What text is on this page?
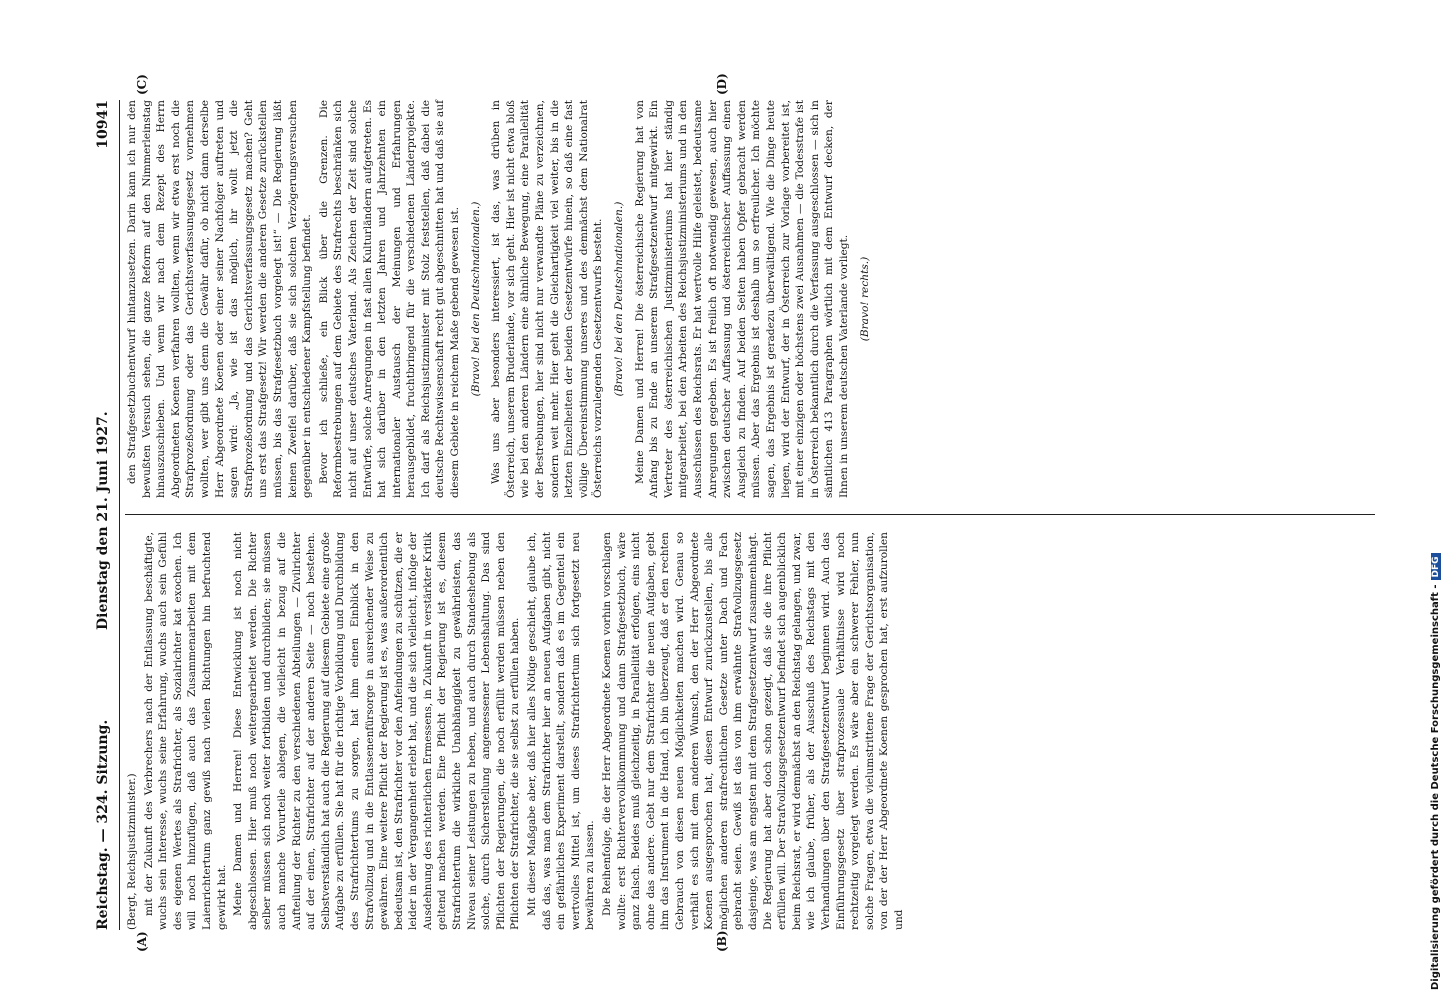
Reichstag. — 324. Sitzung.
Dienstag den 21. Juni 1927.
10941

(Bergt, Reichsjustizminister.) mit der Zukunft des Verbrechers nach der Entlassung beschäftigte, wuchs sein Interesse, wuchs seine Erfahrung, wuchs auch sein Gefühl des eigenen Wertes als Strafrichter, als Sozialrichter kat exochen. Ich will noch hinzufügen, daß auch das Zusammenarbeiten mit dem Laienrichtertum ganz gewiß nach vielen Richtungen hin befruchtend gewirkt hat. Meine Damen und Herren! Diese Entwicklung ist noch nicht abgeschlossen. Hier muß noch weitergearbeitet werden. Die Richter selber müssen sich noch weiter fortbilden und durchbilden; sie müssen auch manche Vorurteile ablegen, die vielleicht in bezug auf die Aufteilung der Richter zu den verschiedenen Abteilungen — Zivilrichter auf der einen, Strafrichter auf der anderen Seite — noch bestehen. Selbstverständlich hat auch die Regierung auf diesem Gebiete eine große Aufgabe zu erfüllen. Sie hat für die richtige Vorbildung und Durchbildung des Strafrichtertums zu sorgen, hat ihm einen Einblick in den Strafvollzug und in die Entlassenenfürsorge in ausreichender Weise zu gewähren. Eine weitere Pflicht der Regierung ist es, was außerordentlich bedeutsam ist, den Strafrichter vor den Anfeindungen zu schützen, die er leider in der Vergangenheit erlebt hat, und die sich vielleicht, infolge der Ausdehnung des richterlichen Ermessens, in Zukunft in verstärkter Kritik geltend machen werden. Eine Pflicht der Regierung ist es, diesem Strafrichtertum die wirkliche Unabhängigkeit zu gewährleisten, das Niveau seiner Leistungen zu heben, und auch durch Standeshebung als solche, durch Sicherstellung angemessener Lebenshaltung. Das sind Pflichten der Regierungen, die noch erfüllt werden müssen neben den Pflichten der Strafrichter, die sie selbst zu erfüllen haben. Mit dieser Maßgabe aber, daß hier alles Nötige geschieht, glaube ich, daß das, was man dem Strafrichter hier an neuen Aufgaben gibt, nicht ein gefährliches Experiment darstellt, sondern daß es im Gegenteil ein wertvolles Mittel ist, um dieses Strafrichtertum sich fortgesetzt neu bewähren zu lassen. Die Reihenfolge, die der Herr Abgeordnete Koenen vorhin vorschlagen wollte: erst Richtervervollkommnung und dann Strafgesetzbuch, wäre ganz falsch. Beides muß gleichzeitig, in Parallelität erfolgen, eins nicht ohne das andere. Gebt nur dem Strafrichter die neuen Aufgaben, gebt ihm das Instrument in die Hand, ich bin überzeugt, daß er den rechten Gebrauch von diesen neuen Möglichkeiten machen wird. Genau so verhält es sich mit dem anderen Wunsch, den der Herr Abgeordnete Koenen ausgesprochen hat, diesen Entwurf zurückzustellen, bis alle möglichen anderen strafrechtlichen Gesetze unter Dach und Fach gebracht seien. Gewiß ist das von ihm erwähnte Strafvollzugsgesetz dasjenige, was am engsten mit dem Strafgesetzentwurf zusammenhängt. Die Regierung hat aber doch schon gezeigt, daß sie die ihre Pflicht erfüllen will. Der Strafvollzugsgesetzentwurf befindet sich augenblicklich beim Reichsrat, er wird demnächst an den Reichstag gelangen, und zwar, wie ich glaube, früher, als der Ausschuß des Reichstags mit den Verhandlungen über den Strafgesetzentwurf beginnen wird. Auch das Einführungsgesetz über strafprozessuale Verhältnisse wird noch rechtzeitig vorgelegt werden. Es wäre aber ein schwerer Fehler, nun solche Fragen, etwa die vielumstrittene Frage der Gerichtsorganisation, von der der Herr Abgeordnete Koenen gesprochen hat, erst aufzurollen und

den Strafgesetzbuchentwurf hintanzusetzen. Darin kann ich nur den bewußten Versuch sehen, die ganze Reform auf den Nimmerleinstag hinauszuschieben. Und wenn wir nach dem Rezept des Herrn Abgeordneten Koenen verfahren wollten, wenn wir etwa erst noch die Strafprozeßordnung oder das Gerichtsverfassungsgesetz vornehmen wollten, wer gibt uns denn die Gewähr dafür, ob nicht dann derselbe Herr Abgeordnete Koenen oder einer seiner Nachfolger auftreten und sagen wird: „Ja, wie ist das möglich, ihr wollt jetzt die Strafprozeßordnung und das Gerichtsverfassungsgesetz machen? Geht uns erst das Strafgesetz! Wir werden die anderen Gesetze zurückstellen müssen, bis das Strafgesetzbuch vorgelegt ist!“ — Die Regierung läßt keinen Zweifel darüber, daß sie sich solchen Verzögerungsversuchen gegenüber in entschiedener Kampfstellung befindet. Bevor ich schließe, ein Blick über die Grenzen. Die Reformbestrebungen auf dem Gebiete des Strafrechts beschränken sich nicht auf unser deutsches Vaterland. Als Zeichen der Zeit sind solche Entwürfe, solche Anregungen in fast allen Kulturländern aufgetreten. Es hat sich darüber in den letzten Jahren und Jahrzehnten ein internationaler Austausch der Meinungen und Erfahrungen herausgebildet, fruchtbringend für die verschiedenen Länderprojekte. Ich darf als Reichsjustizminister mit Stolz feststellen, daß dabei die deutsche Rechtswissenschaft recht gut abgeschnitten hat und daß sie auf diesem Gebiete in reichem Maße gebend gewesen ist. (Bravo! bei den Deutschnationalen.) Was uns aber besonders interessiert, ist das, was drüben in Österreich, unserem Bruderlande, vor sich geht. Hier ist nicht etwa bloß wie bei den anderen Ländern eine ähnliche Bewegung, eine Parallelität der Bestrebungen, hier sind nicht nur verwandte Pläne zu verzeichnen, sondern weit mehr. Hier geht die Gleichartigkeit viel weiter, bis in die letzten Einzelheiten der beiden Gesetzentwürfe hinein, so daß eine fast völlige Übereinstimmung unseres und des demnächst dem Nationalrat Österreichs vorzulegenden Gesetzentwurfs besteht. (Bravo! bei den Deutschnationalen.) Meine Damen und Herren! Die österreichische Regierung hat von Anfang bis zu Ende an unserem Strafgesetzentwurf mitgewirkt. Ein Vertreter des österreichischen Justizministeriums hat hier ständig mitgearbeitet, bei den Arbeiten des Reichsjustizministeriums und in den Ausschüssen des Reichsrats. Er hat wertvolle Hilfe geleistet, bedeutsame Anregungen gegeben. Es ist freilich oft notwendig gewesen, auch hier zwischen deutscher Auffassung und österreichischer Auffassung einen Ausgleich zu finden. Auf beiden Seiten haben Opfer gebracht werden müssen. Aber das Ergebnis ist deshalb um so erfreulicher. Ich möchte sagen, das Ergebnis ist geradezu überwältigend. Wie die Dinge heute liegen, wird der Entwurf, der in Österreich zur Vorlage vorbereitet ist, mit einer einzigen oder höchstens zwei Ausnahmen — die Todesstrafe ist in Österreich bekanntlich durch die Verfassung ausgeschlossen — sich in sämtlichen 413 Paragraphen wörtlich mit dem Entwurf decken, der Ihnen in unserem deutschen Vaterlande vorliegt. (Bravo! rechts.)

(A)	(B)
(C)	(D)
Digitalisierung gefördert durch die Deutsche Forschungsgemeinschaft -DFG
